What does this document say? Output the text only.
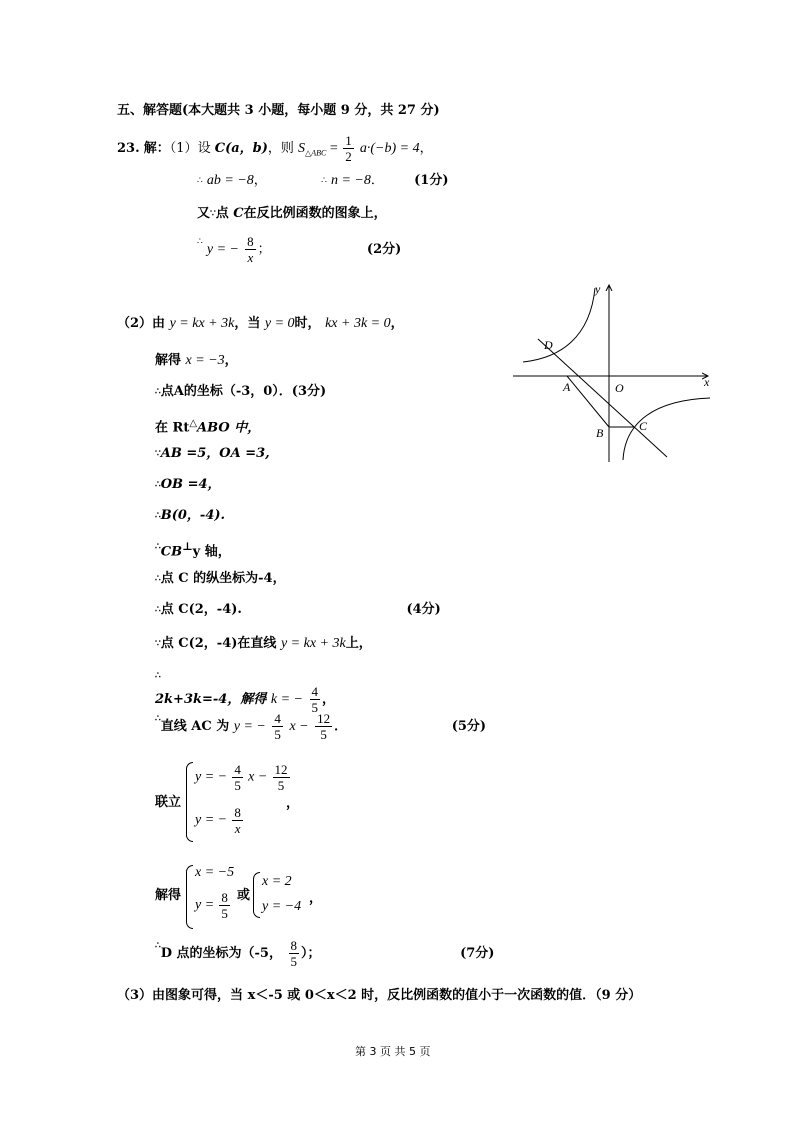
五、解答题(本大题共 3 小题，每小题 9 分，共 27 分)
23. 解：（1）设 C(a，b)，则 $S_{\triangle ABC} = \frac{1}{2} a\cdot(-b) = 4$，
∴ ab = −8，	∴ n = −8． (1分)
又∵点 C在反比例函数的图象上，
∴ y = − $\frac{8}{x}$ ；	(2分)
（2）由 y = kx + 3k，当 y = 0时， kx + 3k = 0，
解得 x = −3，
∴点A的坐标（-3，0）．(3分)
在 Rt△ABO 中，
∵AB =5，OA =3,
∴OB =4，
∴B(0，-4).
∴CB⊥y 轴，
∴点 C 的纵坐标为-4，
∴点 C(2，-4).	(4分)
∵点 C(2，-4)在直线 y = kx + 3k上，
∴
2k+3k=-4，解得 k = − $\frac{4}{5}$ ，
∴直线 AC 为 y = − $\frac{4}{5}$ $x - \frac{12}{5}$ ．	(5分)
联立
y = − $\frac{4}{5}$ $x - \frac{12}{5}$
，
y = − $\frac{8}{x}$
解得
x = −5
$y = \frac{8}{5}$ 或
x = 2
y = −4
，
∴D 点的坐标为（-5， $\frac{8}{5}$ ）；	(7分)
（3）由图象可得，当 x＜-5 或 0＜x＜2 时，反比例函数的值小于一次函数的值．（9 分）
y
x
D
A	O
B	C
第 3 页 共 5 页
